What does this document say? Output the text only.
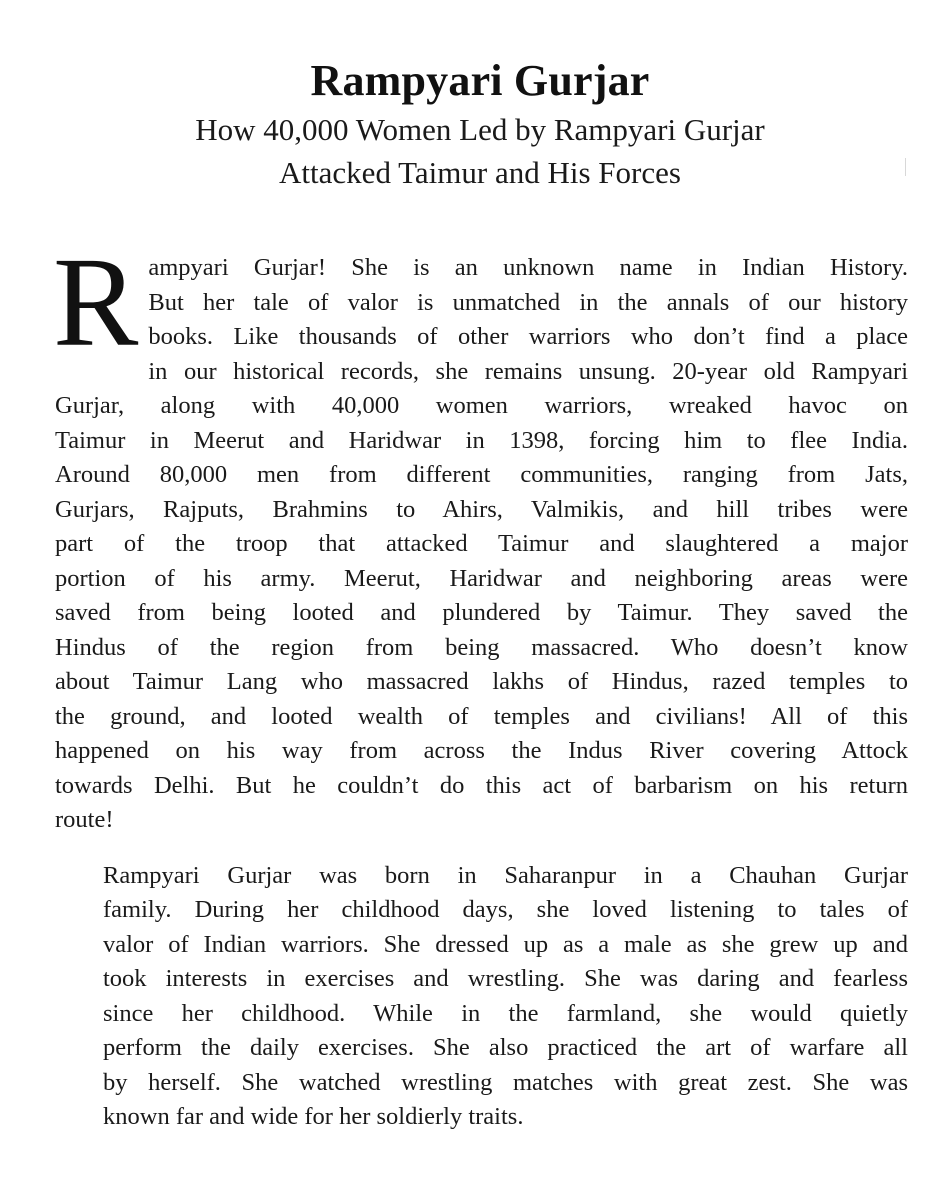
Rampyari Gurjar
How 40,000 Women Led by Rampyari Gurjar
Attacked Taimur and His Forces

R ampyari Gurjar! She is an unknown name in Indian History.
But her tale of valor is unmatched in the annals of our history
books. Like thousands of other warriors who don’t find a place
in our historical records, she remains unsung. 20-year old Rampyari
Gurjar, along with 40,000 women warriors, wreaked havoc on
Taimur in Meerut and Haridwar in 1398, forcing him to flee India.
Around 80,000 men from different communities, ranging from Jats,
Gurjars, Rajputs, Brahmins to Ahirs, Valmikis, and hill tribes were
part of the troop that attacked Taimur and slaughtered a major
portion of his army. Meerut, Haridwar and neighboring areas were
saved from being looted and plundered by Taimur. They saved the
Hindus of the region from being massacred. Who doesn’t know
about Taimur Lang who massacred lakhs of Hindus, razed temples to
the ground, and looted wealth of temples and civilians! All of this
happened on his way from across the Indus River covering Attock
towards Delhi. But he couldn’t do this act of barbarism on his return
route!

Rampyari Gurjar was born in Saharanpur in a Chauhan Gurjar
family. During her childhood days, she loved listening to tales of
valor of Indian warriors. She dressed up as a male as she grew up and
took interests in exercises and wrestling. She was daring and fearless
since her childhood. While in the farmland, she would quietly
perform the daily exercises. She also practiced the art of warfare all
by herself. She watched wrestling matches with great zest. She was
known far and wide for her soldierly traits.
